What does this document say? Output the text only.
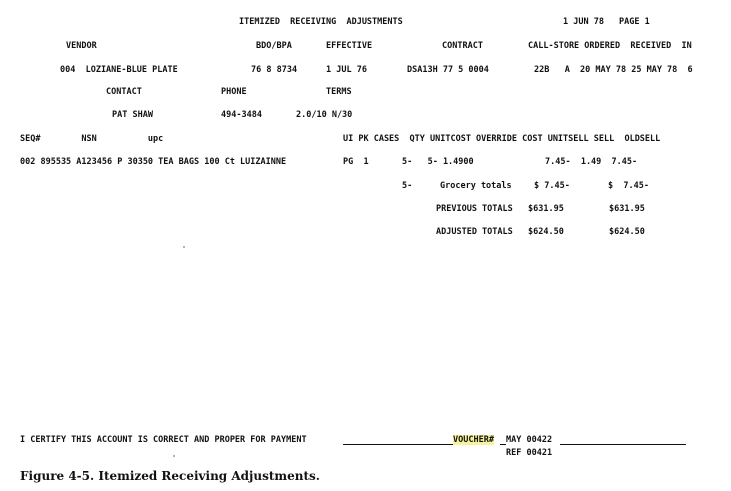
ITEMIZED  RECEIVING  ADJUSTMENTS	1 JUN 78 PAGE 1
VENDOR	BDO/BPA	EFFECTIVE	CONTRACT	CALL-STORE ORDERED  RECEIVED  IN
004  LOZIANE-BLUE PLATE	76 8 8734	1 JUL 76	DSA13H 77 5 0004	22B   A  20 MAY 78 25 MAY 78  6
CONTACT	PHONE	TERMS
PAT SHAW	494-3484	2.0/10 N/30
SEQ#        NSN          upc	UI PK CASES  QTY UNITCOST OVERRIDE COST UNITSELL SELL  OLDSELL
002 895535 A123456 P 30350 TEA BAGS 100 Ct LUIZAINNE	PG  1	5-   5- 1.4900	7.45-  1.49  7.45-
5-	Grocery totals	$ 7.45-	$  7.45-
PREVIOUS TOTALS $631.95	$631.95
ADJUSTED TOTALS $624.50	$624.50
I CERTIFY THIS ACCOUNT IS CORRECT AND PROPER FOR PAYMENT	VOUCHER# MAY 00422
REF 00421
Figure 4-5. Itemized Receiving Adjustments.
